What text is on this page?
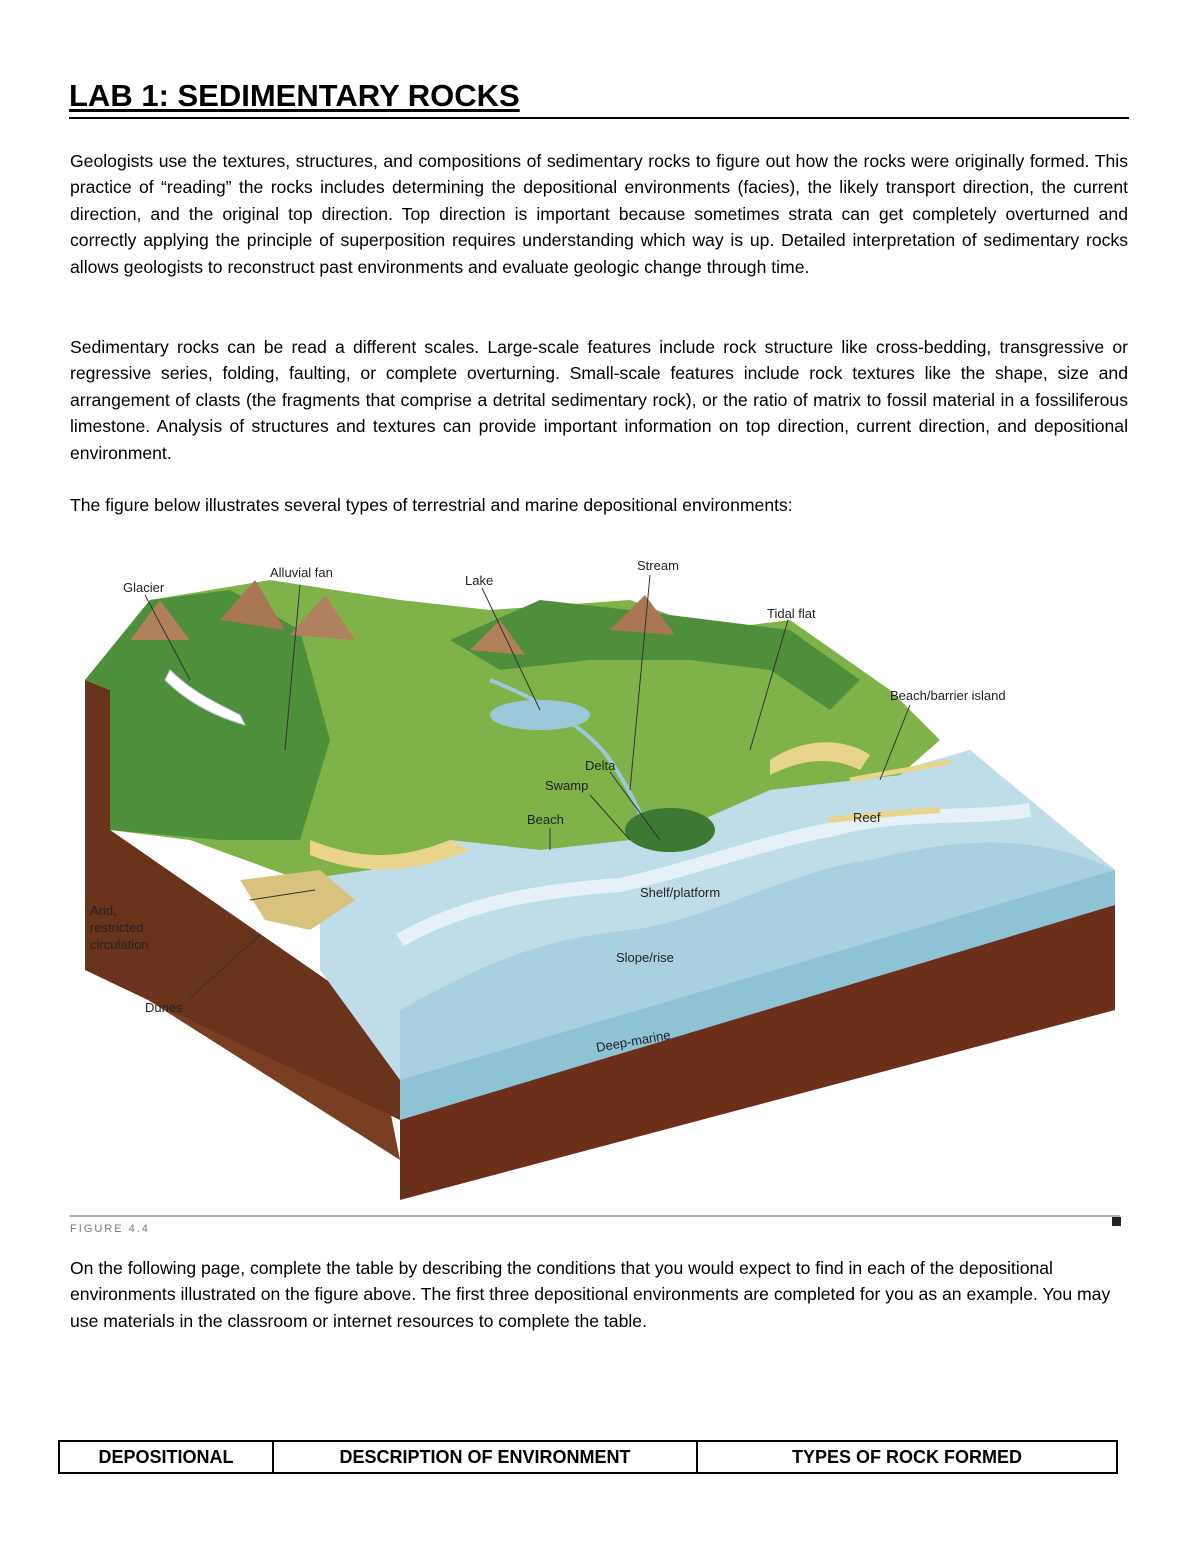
LAB 1: SEDIMENTARY ROCKS

Geologists use the textures, structures, and compositions of sedimentary rocks to figure out how the rocks were originally formed. This practice of “reading” the rocks includes determining the depositional environments (facies), the likely transport direction, the current direction, and the original top direction. Top direction is important because sometimes strata can get completely overturned and correctly applying the principle of superposition requires understanding which way is up. Detailed interpretation of sedimentary rocks allows geologists to reconstruct past environments and evaluate geologic change through time.

Sedimentary rocks can be read a different scales. Large-scale features include rock structure like cross-bedding, transgressive or regressive series, folding, faulting, or complete overturning. Small-scale features include rock textures like the shape, size and arrangement of clasts (the fragments that comprise a detrital sedimentary rock), or the ratio of matrix to fossil material in a fossiliferous limestone. Analysis of structures and textures can provide important information on top direction, current direction, and depositional environment.

The figure below illustrates several types of terrestrial and marine depositional environments:

Glacier
Alluvial fan
Lake
Stream
Tidal flat
Beach/barrier island
Delta
Swamp
Beach	Reef
Arid,
restricted
circulation
Shelf/platform
Slope/rise
Dunes
Deep-marine
FIGURE 4.4

On the following page, complete the table by describing the conditions that you would expect to find in each of the depositional environments illustrated on the figure above. The first three depositional environments are completed for you as an example. You may use materials in the classroom or internet resources to complete the table.

DEPOSITIONAL	DESCRIPTION OF ENVIRONMENT	TYPES OF ROCK FORMED
